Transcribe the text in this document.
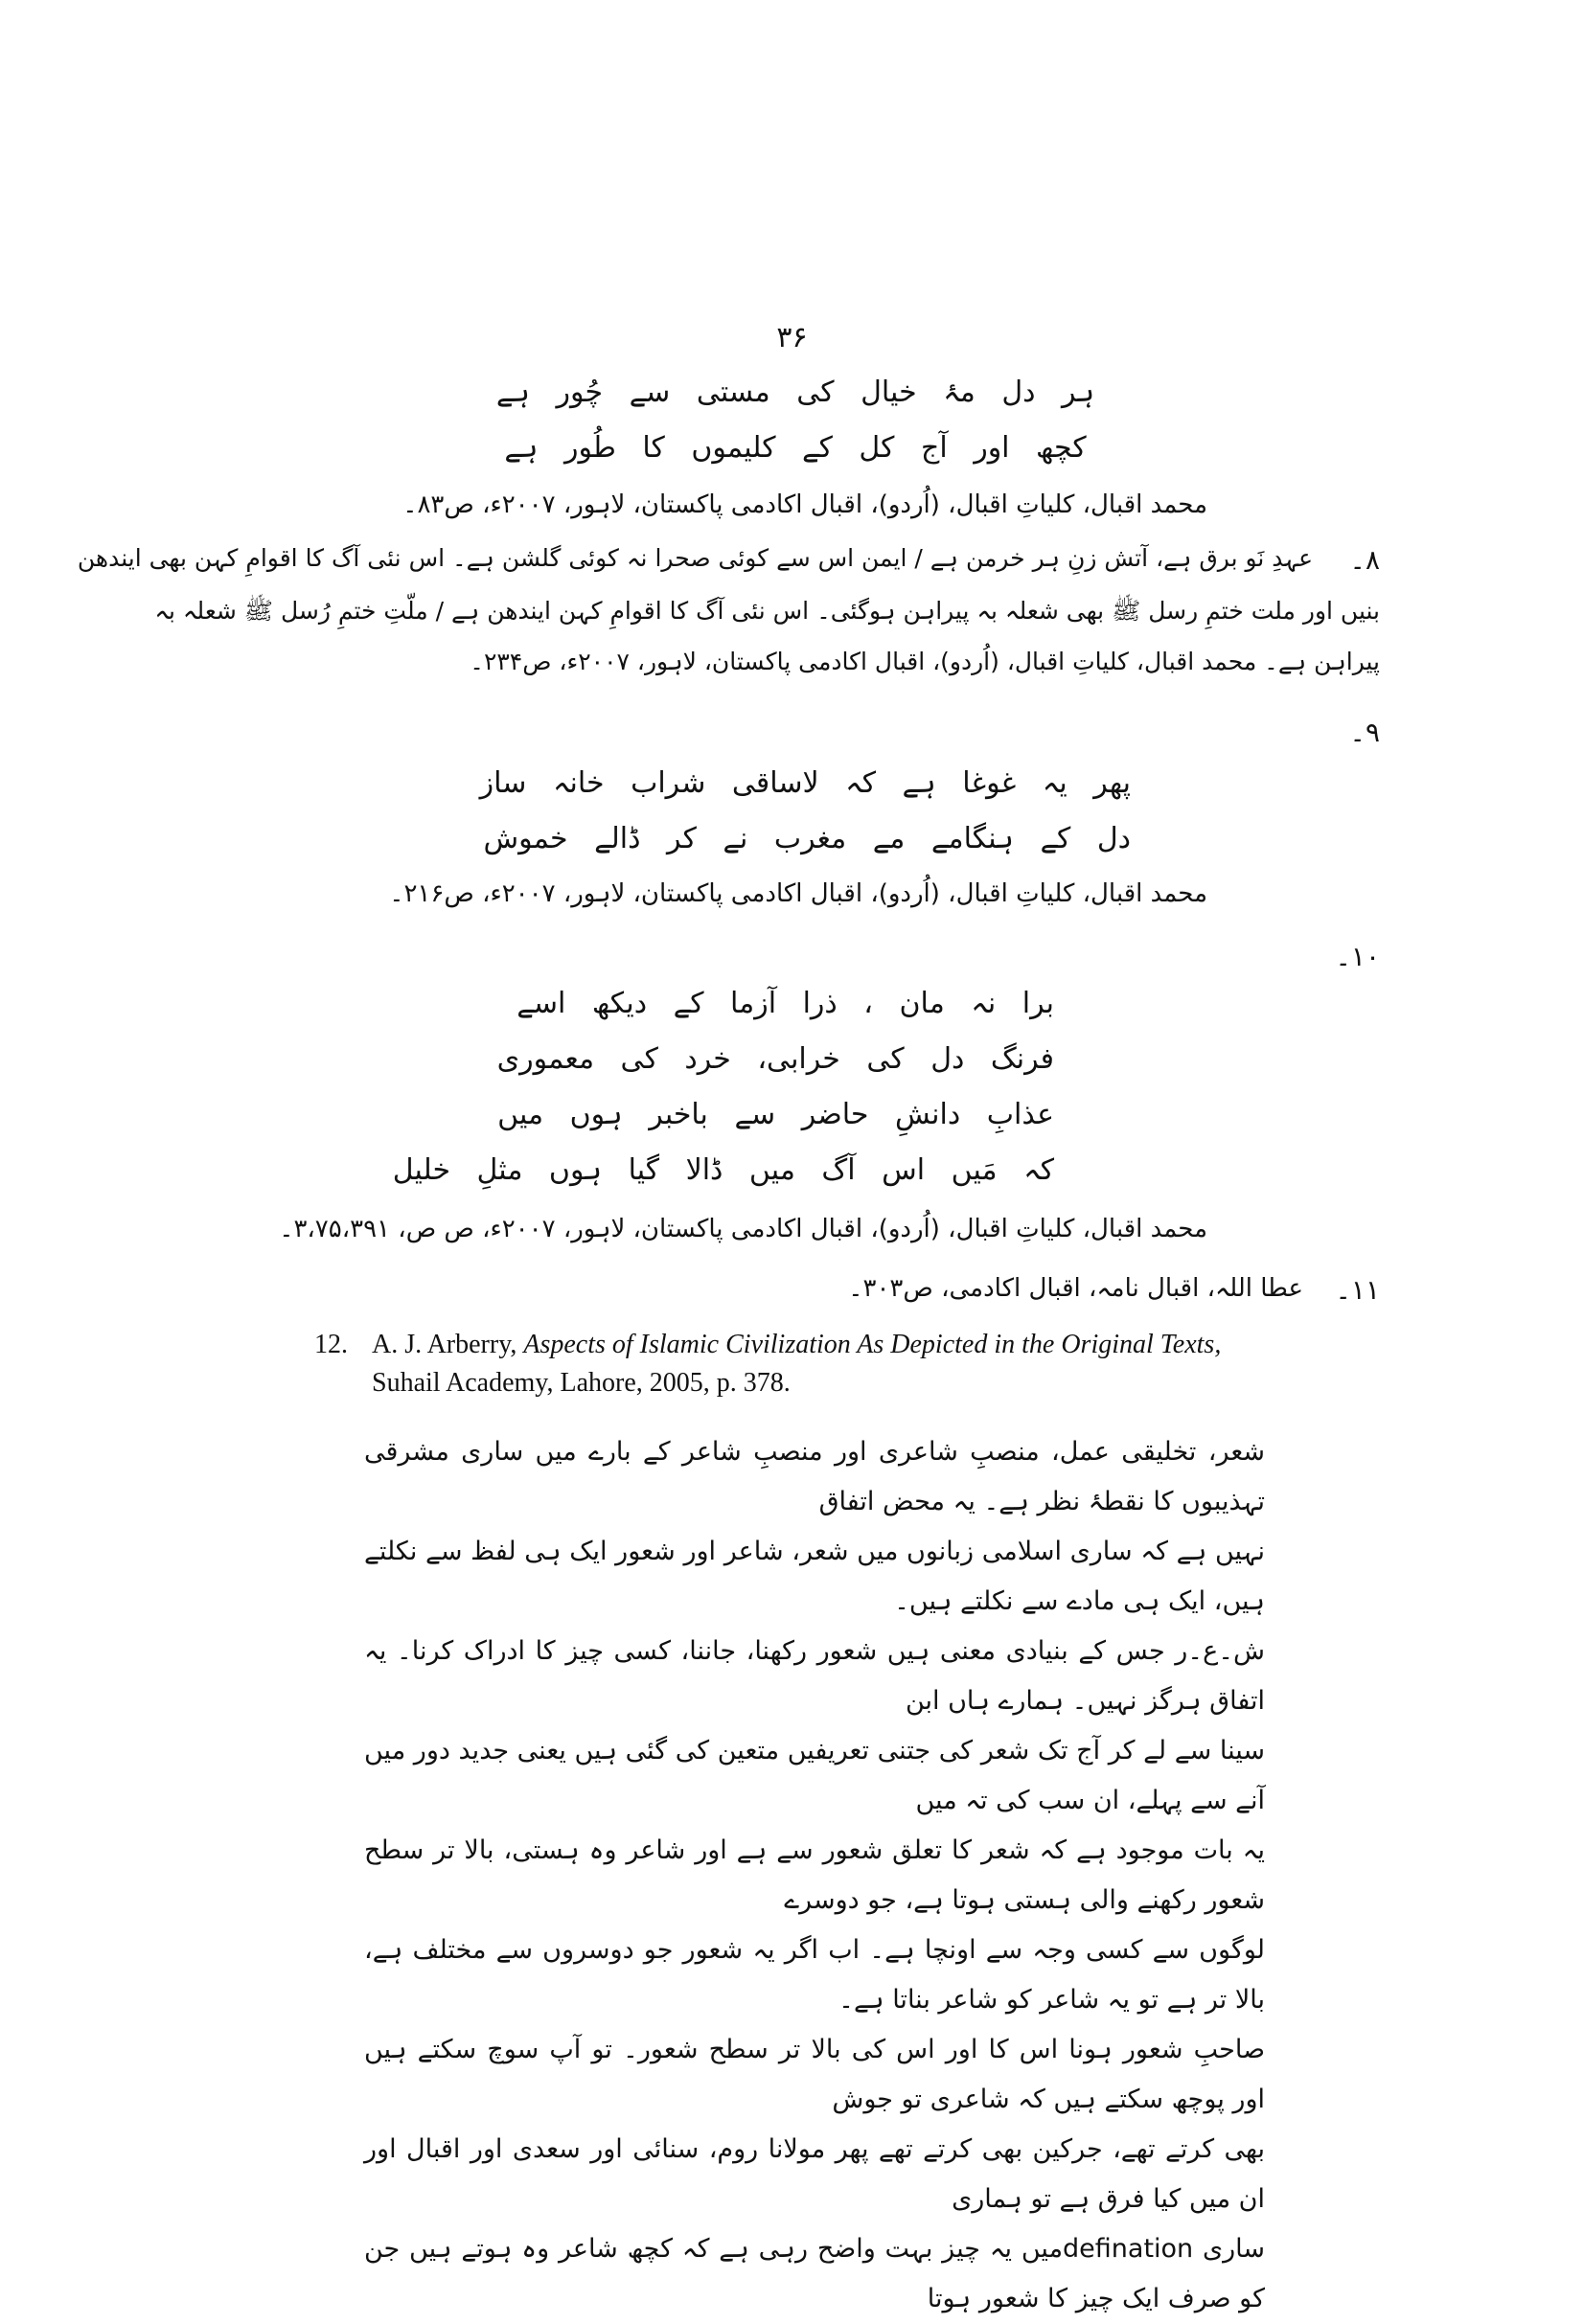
۳۶
ہر دل مۂ خیال کی مستی سے چُور ہے
کچھ اور آج کل کے کلیموں کا طُور ہے
محمد اقبال، کلیاتِ اقبال، (اُردو)، اقبال اکادمی پاکستان، لاہور، ۲۰۰۷ء، ص۸۳۔
۸۔
عہدِ نَو برق ہے، آتش زنِ ہر خرمن ہے / ایمن اس سے کوئی صحرا نہ کوئی گلشن ہے۔ اس نئی آگ کا اقوامِ کہن بھی ایندھن
بنیں اور ملت ختمِ رسل ﷺ بھی شعلہ بہ پیراہن ہوگئی۔ اس نئی آگ کا اقوامِ کہن ایندھن ہے / ملّتِ ختمِ رُسل ﷺ شعلہ بہ
پیراہن ہے۔ محمد اقبال، کلیاتِ اقبال، (اُردو)، اقبال اکادمی پاکستان، لاہور، ۲۰۰۷ء، ص۲۳۴۔
۹۔
پھر یہ غوغا ہے کہ لاساقی شراب خانہ ساز
دل کے ہنگامے مے مغرب نے کر ڈالے خموش
محمد اقبال، کلیاتِ اقبال، (اُردو)، اقبال اکادمی پاکستان، لاہور، ۲۰۰۷ء، ص۲۱۶۔
۱۰۔
برا نہ مان ، ذرا آزما کے دیکھ اسے
فرنگ دل کی خرابی، خرد کی معموری
عذابِ دانشِ حاضر سے باخبر ہوں میں
کہ مَیں اس آگ میں ڈالا گیا ہوں مثلِ خلیل
محمد اقبال، کلیاتِ اقبال، (اُردو)، اقبال اکادمی پاکستان، لاہور، ۲۰۰۷ء، ص ص، ۳،۷۵،۳۹۱۔
۱۱۔
عطا اللہ، اقبال نامہ، اقبال اکادمی، ص۳۰۳۔
12. A. J. Arberry, Aspects of Islamic Civilization As Depicted in the Original Texts,
Suhail Academy, Lahore, 2005, p. 378.
شعر، تخلیقی عمل، منصبِ شاعری اور منصبِ شاعر کے بارے میں ساری مشرقی تہذیبوں کا نقطۂ نظر ہے۔ یہ محض اتفاق
نہیں ہے کہ ساری اسلامی زبانوں میں شعر، شاعر اور شعور ایک ہی لفظ سے نکلتے ہیں، ایک ہی مادے سے نکلتے ہیں۔
ش۔ع۔ر جس کے بنیادی معنی ہیں شعور رکھنا، جاننا، کسی چیز کا ادراک کرنا۔ یہ اتفاق ہرگز نہیں۔ ہمارے ہاں ابن
سینا سے لے کر آج تک شعر کی جتنی تعریفیں متعین کی گئی ہیں یعنی جدید دور میں آنے سے پہلے، ان سب کی تہ میں
یہ بات موجود ہے کہ شعر کا تعلق شعور سے ہے اور شاعر وہ ہستی، بالا تر سطح شعور رکھنے والی ہستی ہوتا ہے، جو دوسرے
لوگوں سے کسی وجہ سے اونچا ہے۔ اب اگر یہ شعور جو دوسروں سے مختلف ہے، بالا تر ہے تو یہ شاعر کو شاعر بناتا ہے۔
صاحبِ شعور ہونا اس کا اور اس کی بالا تر سطح شعور۔ تو آپ سوچ سکتے ہیں اور پوچھ سکتے ہیں کہ شاعری تو جوش
بھی کرتے تھے، جرکین بھی کرتے تھے پھر مولانا روم، سنائی اور سعدی اور اقبال اور ان میں کیا فرق ہے تو ہماری
ساری definationمیں یہ چیز بہت واضح رہی ہے کہ کچھ شاعر وہ ہوتے ہیں جن کو صرف ایک چیز کا شعور ہوتا
